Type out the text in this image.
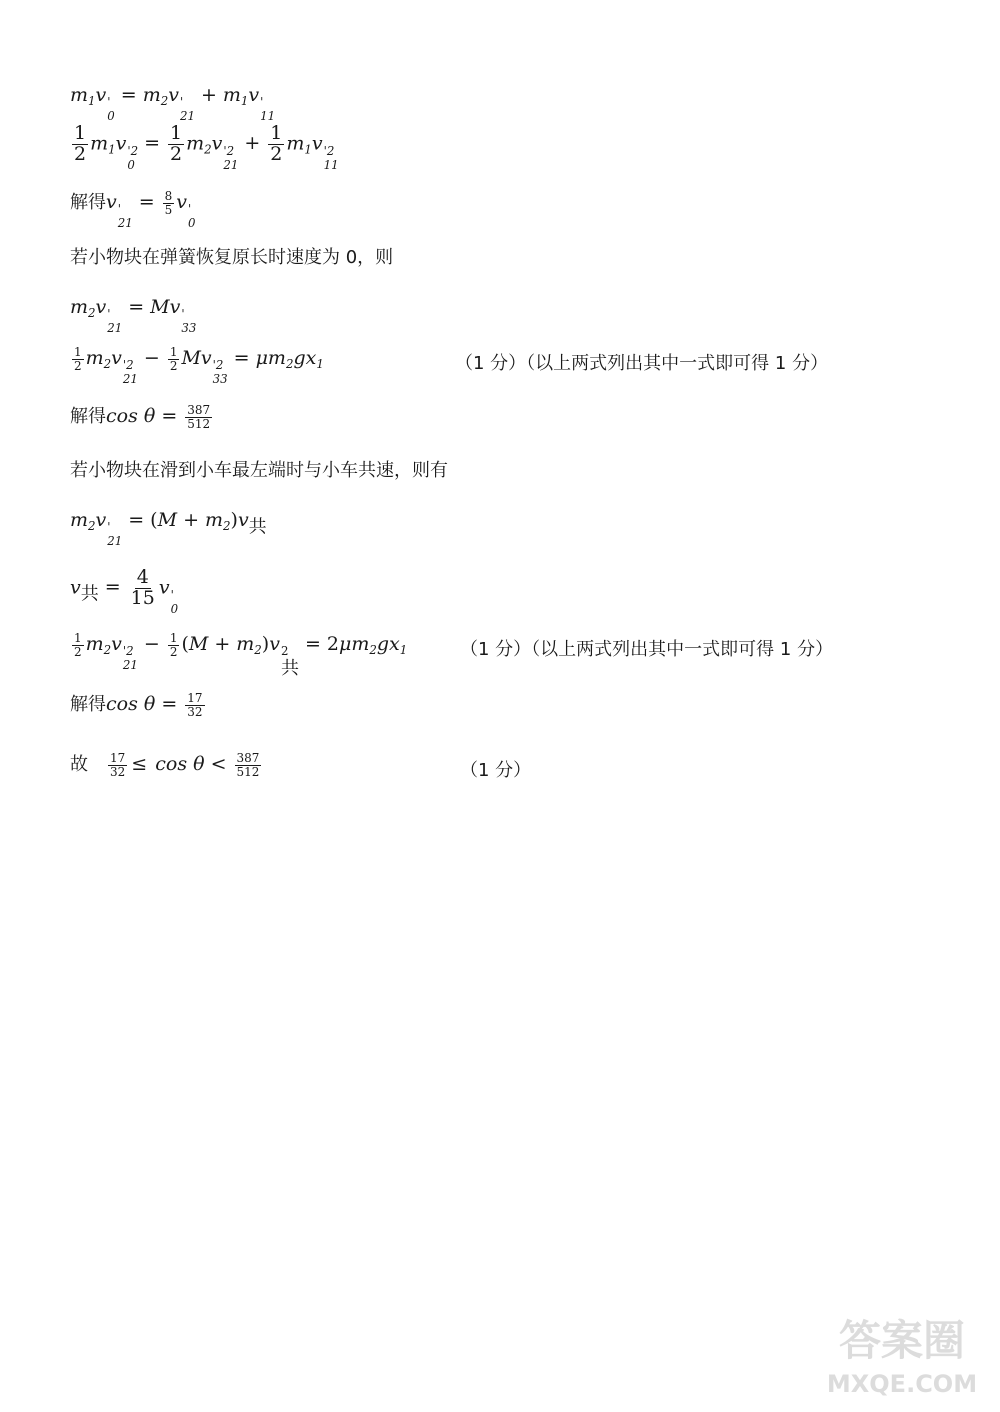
$m_1v$ '
0
= $m_2v$ '
21
+ $m_1v$ '
11
$\frac{1}{2} m_1v$ '2
0
= $\frac{1}{2} m_2v$ '2
21
+ $\frac{1}{2} m_1v$ '2
11
解得v '
21
= $\frac{8}{5}$ v '
0
若小物块在弹簧恢复原长时速度为 0，则
$m_2v$ '
21
= Mv '
33
$\frac{1}{2} m_2v$ '2
21
− $\frac{1}{2}$ Mv '2
33
= $\mu m_2gx_1$	（1 分）（以上两式列出其中一式即可得 1 分）
解得$\cos \theta = \frac{387}{512}$
若小物块在滑到小车最左端时与小车共速，则有
$m_2v$ '
21
= $(M + m_2)v_共$
$v_共 = \frac{4}{15}$ v '
0
$\frac{1}{2} m_2v$ '2
21
− $\frac{1}{2} (M + m_2)v$ 2
共
= $2\mu m_2gx_1$	（1 分）（以上两式列出其中一式即可得 1 分）
解得$\cos \theta = \frac{17}{32}$
故 $\frac{17}{32} \le \cos \theta < \frac{387}{512}$	（1 分）
答案圈
MXQE.COM
